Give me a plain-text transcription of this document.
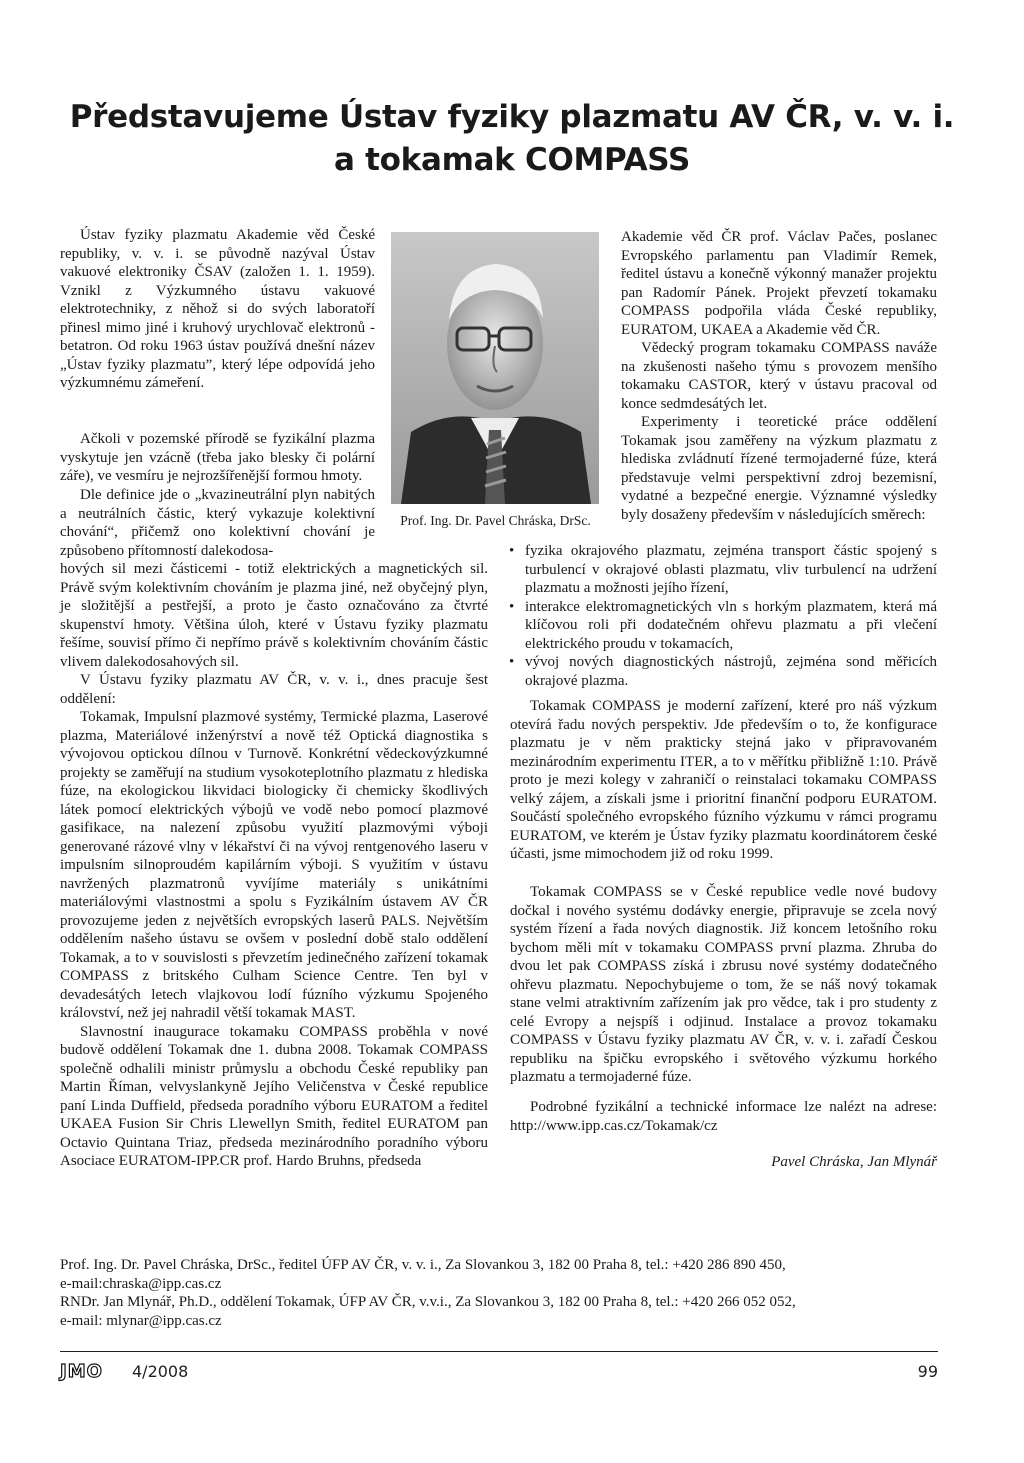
Představujeme Ústav fyziky plazmatu AV ČR, v. v. i.
a tokamak COMPASS

Ústav fyziky plazmatu Akademie věd České republiky, v. v. i. se původně nazýval Ústav vakuové elektroniky ČSAV (založen 1. 1. 1959). Vznikl z Výzkumného ústavu vakuové elektrotechniky, z něhož si do svých laboratoří přinesl mimo jiné i kruhový urychlovač elektronů - betatron. Od roku 1963 ústav používá dnešní název „Ústav fyziky plazmatu”, který lépe odpovídá jeho výzkumnému zámeření.

Ačkoli v pozemské přírodě se fyzikální plazma vyskytuje jen vzácně (třeba jako blesky či polární záře), ve vesmíru je nejrozšířenější formou hmoty.

Dle definice jde o „kvazineutrální plyn nabitých a neutrálních částic, který vykazuje kolektivní chování“, přičemž ono kolektivní chování je způsobeno přítomností dalekodosa-

Prof. Ing. Dr. Pavel Chráska, DrSc.

hových sil mezi částicemi - totiž elektrických a magnetických sil. Právě svým kolektivním chováním je plazma jiné, než obyčejný plyn, je složitější a pestřejší, a proto je často označováno za čtvrté skupenství hmoty. Většina úloh, které v Ústavu fyziky plazmatu řešíme, souvisí přímo či nepřímo právě s kolektivním chováním částic vlivem dalekodosahových sil.

V Ústavu fyziky plazmatu AV ČR, v. v. i., dnes pracuje šest oddělení:

Tokamak, Impulsní plazmové systémy, Termické plazma, Laserové plazma, Materiálové inženýrství a nově též Optická diagnostika s vývojovou optickou dílnou v Turnově. Konkrétní vědeckovýzkumné projekty se zaměřují na studium vysokoteplotního plazmatu z hlediska fúze, na ekologickou likvidaci biologicky či chemicky škodlivých látek pomocí elektrických výbojů ve vodě nebo pomocí plazmové gasifikace, na nalezení způsobu využití plazmovými výboji generované rázové vlny v lékařství či na vývoj rentgenového laseru v impulsním silnoproudém kapilárním výboji. S využitím v ústavu navržených plazmatronů vyvíjíme materiály s unikátními materiálovými vlastnostmi a spolu s Fyzikálním ústavem AV ČR provozujeme jeden z největších evropských laserů PALS. Největším oddělením našeho ústavu se ovšem v poslední době stalo oddělení Tokamak, a to v souvislosti s převzetím jedinečného zařízení tokamak COMPASS z britského Culham Science Centre. Ten byl v devadesátých letech vlajkovou lodí fúzního výzkumu Spojeného království, než jej nahradil větší tokamak MAST.

Slavnostní inaugurace tokamaku COMPASS proběhla v nové budově oddělení Tokamak dne 1. dubna 2008. Tokamak COMPASS společně odhalili ministr průmyslu a obchodu České republiky pan Martin Říman, velvyslankyně Jejího Veličenstva v České republice paní Linda Duffield, předseda poradního výboru EURATOM a ředitel UKAEA Fusion Sir Chris Llewellyn Smith, ředitel EURATOM pan Octavio Quintana Triaz, předseda mezinárodního poradního výboru Asociace EURATOM-IPP.CR prof. Hardo Bruhns, předseda

Akademie věd ČR prof. Václav Pačes, poslanec Evropského parlamentu pan Vladimír Remek, ředitel ústavu a konečně výkonný manažer projektu pan Radomír Pánek. Projekt převzetí tokamaku COMPASS podpořila vláda České republiky, EURATOM, UKAEA a Akademie věd ČR.

Vědecký program tokamaku COMPASS naváže na zkušenosti našeho týmu s provozem menšího tokamaku CASTOR, který v ústavu pracoval od konce sedmdesátých let.

Experimenty i teoretické práce oddělení Tokamak jsou zaměřeny na výzkum plazmatu z hlediska zvládnutí řízené termojaderné fúze, která představuje velmi perspektivní zdroj bezemisní, vydatné a bezpečné energie. Významné výsledky byly dosaženy především v následujících směrech:

• fyzika okrajového plazmatu, zejména transport částic spojený s turbulencí v okrajové oblasti plazmatu, vliv turbulencí na udržení plazmatu a možnosti jejího řízení,
• interakce elektromagnetických vln s horkým plazmatem, která má klíčovou roli při dodatečném ohřevu plazmatu a při vlečení elektrického proudu v tokamacích,
• vývoj nových diagnostických nástrojů, zejména sond měřicích okrajové plazma.

Tokamak COMPASS je moderní zařízení, které pro náš výzkum otevírá řadu nových perspektiv. Jde především o to, že konfigurace plazmatu je v něm prakticky stejná jako v připravovaném mezinárodním experimentu ITER, a to v měřítku přibližně 1:10. Právě proto je mezi kolegy v zahraničí o reinstalaci tokamaku COMPASS velký zájem, a získali jsme i prioritní finanční podporu EURATOM. Součástí společného evropského fúzního výzkumu v rámci programu EURATOM, ve kterém je Ústav fyziky plazmatu koordinátorem české účasti, jsme mimochodem již od roku 1999.

Tokamak COMPASS se v České republice vedle nové budovy dočkal i nového systému dodávky energie, připravuje se zcela nový systém řízení a řada nových diagnostik. Již koncem letošního roku bychom měli mít v tokamaku COMPASS první plazma. Zhruba do dvou let pak COMPASS získá i zbrusu nové systémy dodatečného ohřevu plazmatu. Nepochybujeme o tom, že se náš nový tokamak stane velmi atraktivním zařízením jak pro vědce, tak i pro studenty z celé Evropy a nejspíš i odjinud. Instalace a provoz tokamaku COMPASS v Ústavu fyziky plazmatu AV ČR, v. v. i. zařadí Českou republiku na špičku evropského i světového výzkumu horkého plazmatu a termojaderné fúze.

Podrobné fyzikální a technické informace lze nalézt na adrese: http://www.ipp.cas.cz/Tokamak/cz

Pavel Chráska, Jan Mlynář
Prof. Ing. Dr. Pavel Chráska, DrSc., ředitel ÚFP AV ČR, v. v. i., Za Slovankou 3, 182 00 Praha 8, tel.: +420 286 890 450,
e-mail:chraska@ipp.cas.cz
RNDr. Jan Mlynář, Ph.D., oddělení Tokamak, ÚFP AV ČR, v.v.i., Za Slovankou 3, 182 00 Praha 8, tel.: +420 266 052 052,
e-mail: mlynar@ipp.cas.cz
JMO 4/2008	99
